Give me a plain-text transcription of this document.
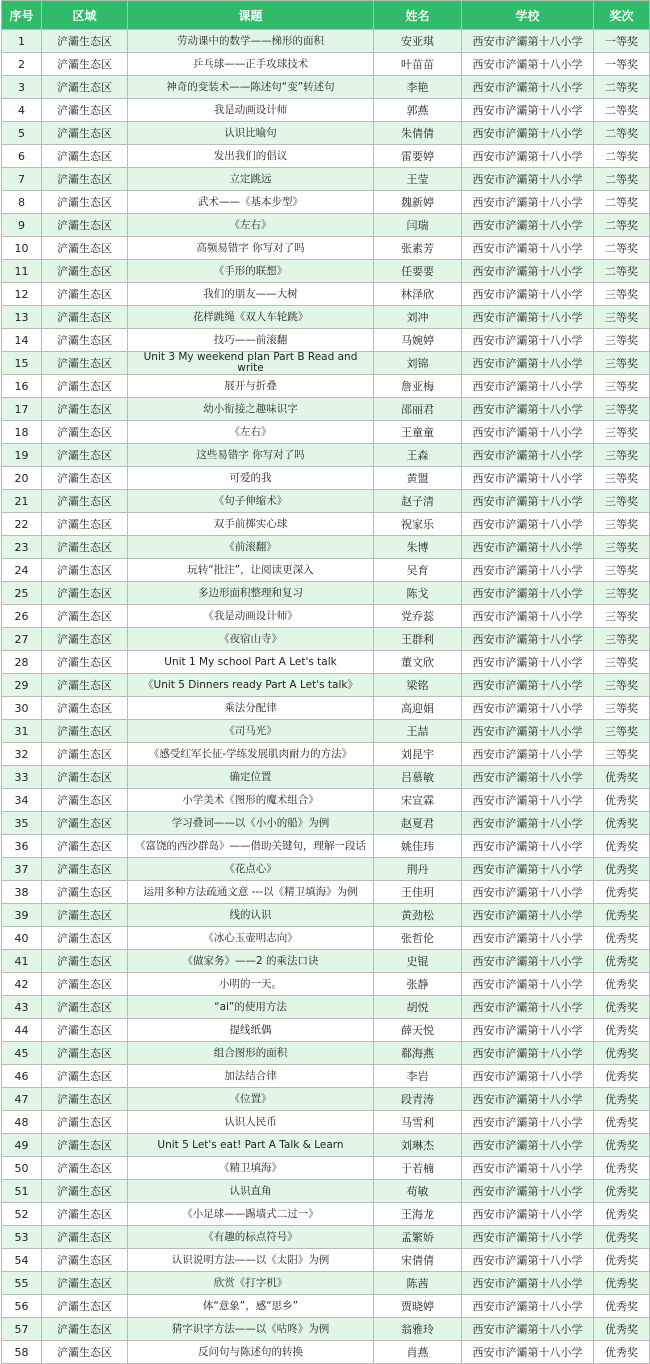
序号	区域	课题	姓名	学校	奖次
1	浐灞生态区	劳动课中的数学——梯形的面积	安亚琪	西安市浐灞第十八小学	一等奖
2	浐灞生态区	乒乓球——正手攻球技术	叶苗苗	西安市浐灞第十八小学	一等奖
3	浐灞生态区	神奇的变装术——陈述句“变”转述句	李艳	西安市浐灞第十八小学	二等奖
4	浐灞生态区	我是动画设计师	郭燕	西安市浐灞第十八小学	二等奖
5	浐灞生态区	认识比喻句	朱倩倩	西安市浐灞第十八小学	二等奖
6	浐灞生态区	发出我们的倡议	雷要婷	西安市浐灞第十八小学	二等奖
7	浐灞生态区	立定跳远	王莹	西安市浐灞第十八小学	二等奖
8	浐灞生态区	武术——《基本步型》	魏新婷	西安市浐灞第十八小学	二等奖
9	浐灞生态区	《左右》	闫瑞	西安市浐灞第十八小学	二等奖
10	浐灞生态区	高频易错字 你写对了吗	张素芳	西安市浐灞第十八小学	二等奖
11	浐灞生态区	《手形的联想》	任要要	西安市浐灞第十八小学	二等奖
12	浐灞生态区	我们的朋友——大树	林泽欣	西安市浐灞第十八小学	三等奖
13	浐灞生态区	花样跳绳《双人车轮跳》	刘冲	西安市浐灞第十八小学	三等奖
14	浐灞生态区	技巧——前滚翻	马婉婷	西安市浐灞第十八小学	三等奖
15	浐灞生态区	Unit 3 My weekend plan Part B Read and write	刘锦	西安市浐灞第十八小学	三等奖
16	浐灞生态区	展开与折叠	詹亚梅	西安市浐灞第十八小学	三等奖
17	浐灞生态区	幼小衔接之趣味识字	邵丽君	西安市浐灞第十八小学	三等奖
18	浐灞生态区	《左右》	王童童	西安市浐灞第十八小学	三等奖
19	浐灞生态区	这些易错字 你写对了吗	王森	西安市浐灞第十八小学	三等奖
20	浐灞生态区	可爱的我	黄盟	西安市浐灞第十八小学	三等奖
21	浐灞生态区	《句子伸缩术》	赵子清	西安市浐灞第十八小学	三等奖
22	浐灞生态区	双手前掷实心球	祝家乐	西安市浐灞第十八小学	三等奖
23	浐灞生态区	《前滚翻》	朱博	西安市浐灞第十八小学	三等奖
24	浐灞生态区	玩转“批注”，让阅读更深入	吴育	西安市浐灞第十八小学	三等奖
25	浐灞生态区	多边形面积整理和复习	陈戈	西安市浐灞第十八小学	三等奖
26	浐灞生态区	《我是动画设计师》	党乔蕊	西安市浐灞第十八小学	三等奖
27	浐灞生态区	《夜宿山寺》	王群利	西安市浐灞第十八小学	三等奖
28	浐灞生态区	Unit 1 My school Part A Let's talk	董文欣	西安市浐灞第十八小学	三等奖
29	浐灞生态区	《Unit 5 Dinners ready Part A Let's talk》	梁铭	西安市浐灞第十八小学	三等奖
30	浐灞生态区	乘法分配律	高迎娟	西安市浐灞第十八小学	三等奖
31	浐灞生态区	《司马光》	王喆	西安市浐灞第十八小学	三等奖
32	浐灞生态区	《感受红军长征-学练发展肌肉耐力的方法》	刘昆宇	西安市浐灞第十八小学	三等奖
33	浐灞生态区	确定位置	吕慕敏	西安市浐灞第十八小学	优秀奖
34	浐灞生态区	小学美术《图形的魔术组合》	宋宣霖	西安市浐灞第十八小学	优秀奖
35	浐灞生态区	学习叠词——以《小小的船》为例	赵夏君	西安市浐灞第十八小学	优秀奖
36	浐灞生态区	《富饶的西沙群岛》——借助关键句，理解一段话	姚佳玮	西安市浐灞第十八小学	优秀奖
37	浐灞生态区	《花点心》	荆丹	西安市浐灞第十八小学	优秀奖
38	浐灞生态区	运用多种方法疏通文意 ---以《精卫填海》为例	王佳玥	西安市浐灞第十八小学	优秀奖
39	浐灞生态区	线的认识	黄劲松	西安市浐灞第十八小学	优秀奖
40	浐灞生态区	《冰心玉壶明志向》	张哲伦	西安市浐灞第十八小学	优秀奖
41	浐灞生态区	《做家务》——2 的乘法口诀	史锟	西安市浐灞第十八小学	优秀奖
42	浐灞生态区	小明的一天。	张静	西安市浐灞第十八小学	优秀奖
43	浐灞生态区	“ai”的使用方法	胡悦	西安市浐灞第十八小学	优秀奖
44	浐灞生态区	提线纸偶	薛天悦	西安市浐灞第十八小学	优秀奖
45	浐灞生态区	组合图形的面积	郗海燕	西安市浐灞第十八小学	优秀奖
46	浐灞生态区	加法结合律	李岩	西安市浐灞第十八小学	优秀奖
47	浐灞生态区	《位置》	段青涛	西安市浐灞第十八小学	优秀奖
48	浐灞生态区	认识人民币	马雪利	西安市浐灞第十八小学	优秀奖
49	浐灞生态区	Unit 5 Let's eat! Part A Talk & Learn	刘琳杰	西安市浐灞第十八小学	优秀奖
50	浐灞生态区	《精卫填海》	于若楠	西安市浐灞第十八小学	优秀奖
51	浐灞生态区	认识直角	苟敏	西安市浐灞第十八小学	优秀奖
52	浐灞生态区	《小足球——踢墙式二过一》	王海龙	西安市浐灞第十八小学	优秀奖
53	浐灞生态区	《有趣的标点符号》	孟繁娇	西安市浐灞第十八小学	优秀奖
54	浐灞生态区	认识说明方法——以《太阳》为例	宋倩倩	西安市浐灞第十八小学	优秀奖
55	浐灞生态区	欣赏《打字机》	陈茜	西安市浐灞第十八小学	优秀奖
56	浐灞生态区	体“意象”，感“思乡”	贾晓婷	西安市浐灞第十八小学	优秀奖
57	浐灞生态区	猜字识字方法——以《咕咚》为例	翁雅玲	西安市浐灞第十八小学	优秀奖
58	浐灞生态区	反问句与陈述句的转换	肖燕	西安市浐灞第十八小学	优秀奖
